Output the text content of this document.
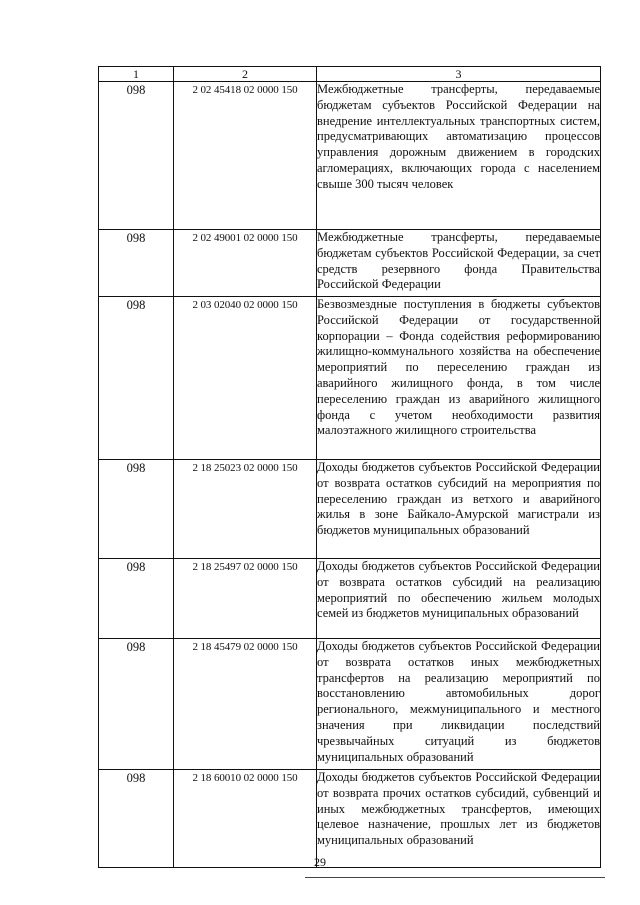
1	2	3
098	2 02 45418 02 0000 150	Межбюджетные трансферты, передаваемые бюджетам субъектов Российской Федерации на внедрение интеллектуальных транспортных систем, предусматривающих автоматизацию процессов управления дорожным движением в городских агломерациях, включающих города с населением свыше 300 тысяч человек
098	2 02 49001 02 0000 150	Межбюджетные трансферты, передаваемые бюджетам субъектов Российской Федерации, за счет средств резервного фонда Правительства Российской Федерации
098	2 03 02040 02 0000 150	Безвозмездные поступления в бюджеты субъектов Российской Федерации от государственной корпорации – Фонда содействия реформированию жилищно-коммунального хозяйства на обеспечение мероприятий по переселению граждан из аварийного жилищного фонда, в том числе переселению граждан из аварийного жилищного фонда с учетом необходимости развития малоэтажного жилищного строительства
098	2 18 25023 02 0000 150	Доходы бюджетов субъектов Российской Федерации от возврата остатков субсидий на мероприятия по переселению граждан из ветхого и аварийного жилья в зоне Байкало-Амурской магистрали из бюджетов муниципальных образований
098	2 18 25497 02 0000 150	Доходы бюджетов субъектов Российской Федерации от возврата остатков субсидий на реализацию мероприятий по обеспечению жильем молодых семей из бюджетов муниципальных образований
098	2 18 45479 02 0000 150	Доходы бюджетов субъектов Российской Федерации от возврата остатков иных межбюджетных трансфертов на реализацию мероприятий по восстановлению автомобильных дорог регионального, межмуниципального и местного значения при ликвидации последствий чрезвычайных ситуаций из бюджетов муниципальных образований
098	2 18 60010 02 0000 150	Доходы бюджетов субъектов Российской Федерации от возврата прочих остатков субсидий, субвенций и иных межбюджетных трансфертов, имеющих целевое назначение, прошлых лет из бюджетов муниципальных образований
29
